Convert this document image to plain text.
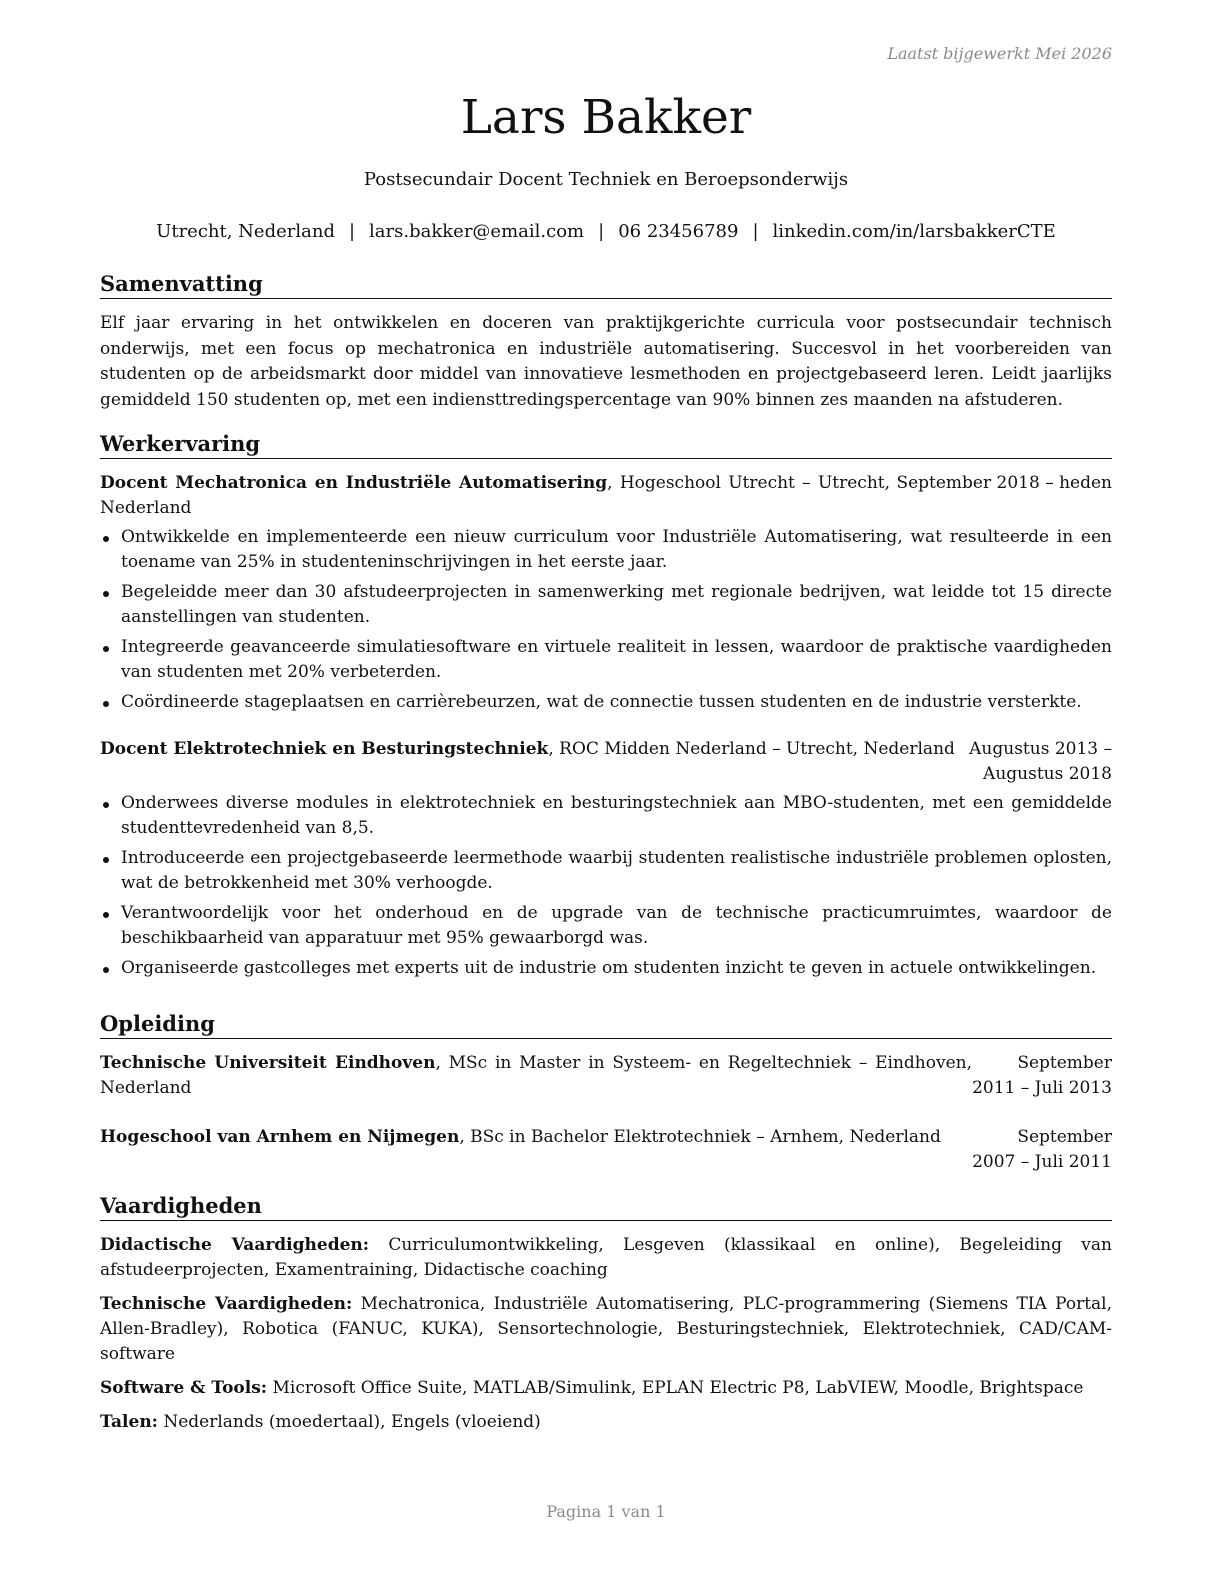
Laatst bijgewerkt Mei 2026
Lars Bakker
Postsecundair Docent Techniek en Beroepsonderwijs
Utrecht, Nederland | lars.bakker@email.com | 06 23456789 | linkedin.com/in/larsbakkerCTE
Samenvatting

Elf jaar ervaring in het ontwikkelen en doceren van praktijkgerichte curricula voor postsecundair technisch onderwijs, met een focus op mechatronica en industriële automatisering. Succesvol in het voorbereiden van studenten op de arbeidsmarkt door middel van innovatieve lesmethoden en projectgebaseerd leren. Leidt jaarlijks gemiddeld 150 studenten op, met een indiensttredingspercentage van 90% binnen zes maanden na afstuderen.

Werkervaring
Docent Mechatronica en Industriële Automatisering, Hogeschool Utrecht – Utrecht, Nederland
September 2018 – heden
Ontwikkelde en implementeerde een nieuw curriculum voor Industriële Automatisering, wat resulteerde in een toename van 25% in studenteninschrijvingen in het eerste jaar.
Begeleidde meer dan 30 afstudeerprojecten in samenwerking met regionale bedrijven, wat leidde tot 15 directe aanstellingen van studenten.
Integreerde geavanceerde simulatiesoftware en virtuele realiteit in lessen, waardoor de praktische vaardigheden van studenten met 20% verbeterden.
Coördineerde stageplaatsen en carrièrebeurzen, wat de connectie tussen studenten en de industrie versterkte.
Docent Elektrotechniek en Besturingstechniek, ROC Midden Nederland – Utrecht, Nederland Augustus 2013 – Augustus 2018
Onderwees diverse modules in elektrotechniek en besturingstechniek aan MBO-studenten, met een gemiddelde studenttevredenheid van 8,5.
Introduceerde een projectgebaseerde leermethode waarbij studenten realistische industriële problemen oplosten, wat de betrokkenheid met 30% verhoogde.
Verantwoordelijk voor het onderhoud en de upgrade van de technische practicumruimtes, waardoor de beschikbaarheid van apparatuur met 95% gewaarborgd was.
Organiseerde gastcolleges met experts uit de industrie om studenten inzicht te geven in actuele ontwikkelingen.
Opleiding
Technische Universiteit Eindhoven, MSc in Master in Systeem- en Regeltechniek – Eindhoven, Nederland
September 2011 – Juli 2013
Hogeschool van Arnhem en Nijmegen, BSc in Bachelor Elektrotechniek – Arnhem, Nederland	September 2007 – Juli 2011
Vaardigheden

Didactische Vaardigheden: Curriculumontwikkeling, Lesgeven (klassikaal en online), Begeleiding van afstudeerprojecten, Examentraining, Didactische coaching

Technische Vaardigheden: Mechatronica, Industriële Automatisering, PLC-programmering (Siemens TIA Portal, Allen-Bradley), Robotica (FANUC, KUKA), Sensortechnologie, Besturingstechniek, Elektrotechniek, CAD/CAM-software

Software & Tools: Microsoft Office Suite, MATLAB/Simulink, EPLAN Electric P8, LabVIEW, Moodle, Brightspace

Talen: Nederlands (moedertaal), Engels (vloeiend)

Pagina 1 van 1
